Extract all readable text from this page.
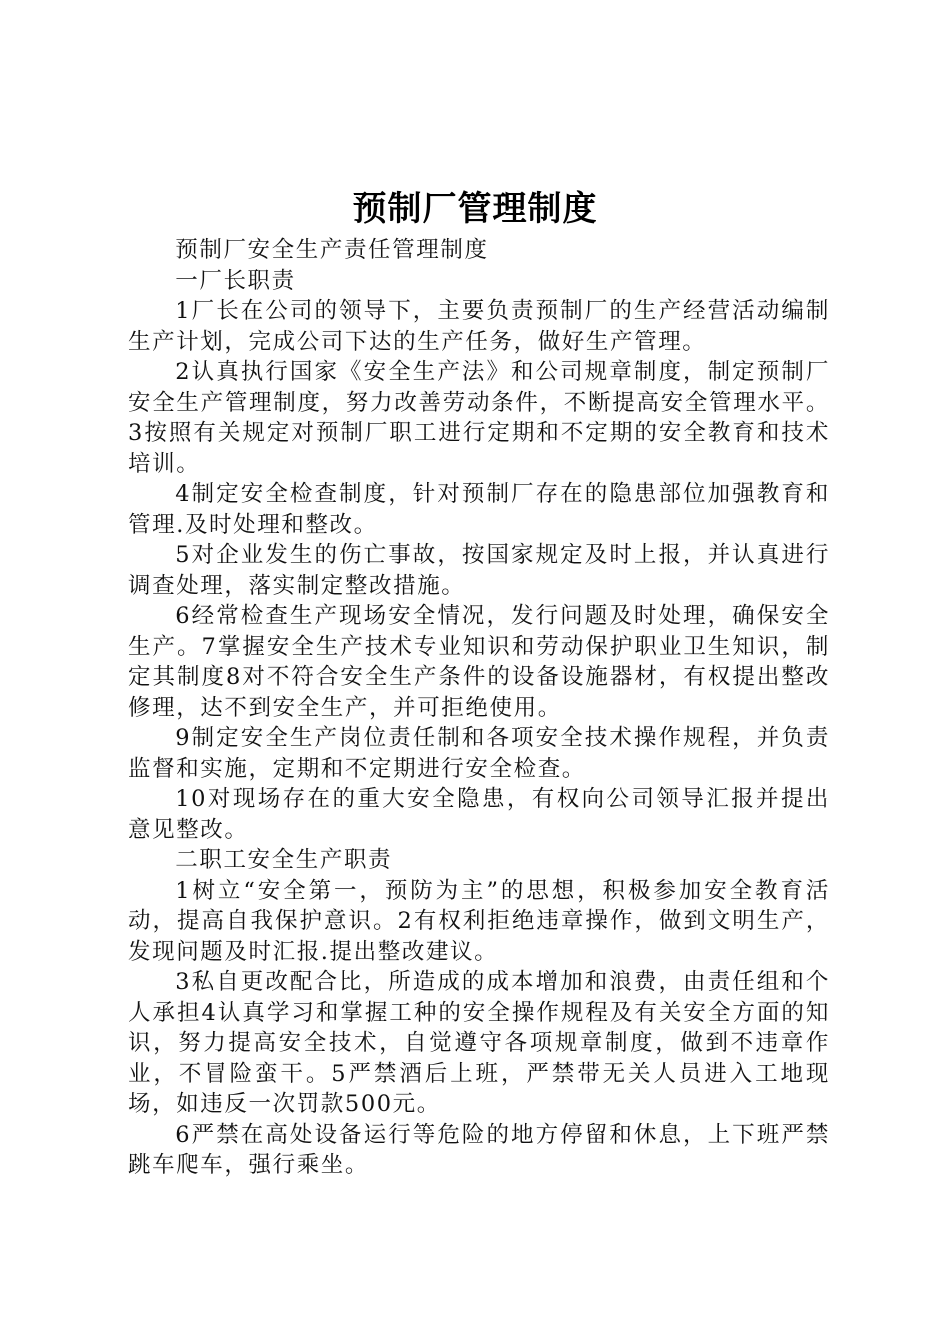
预制厂管理制度

预制厂安全生产责任管理制度

一厂长职责

1厂长在公司的领导下，主要负责预制厂的生产经营活动编制生产计划，完成公司下达的生产任务，做好生产管理。

2认真执行国家《安全生产法》和公司规章制度，制定预制厂安全生产管理制度，努力改善劳动条件，不断提高安全管理水平。3按照有关规定对预制厂职工进行定期和不定期的安全教育和技术培训。

4制定安全检查制度，针对预制厂存在的隐患部位加强教育和管理.及时处理和整改。

5对企业发生的伤亡事故，按国家规定及时上报，并认真进行调查处理，落实制定整改措施。

6经常检查生产现场安全情况，发行问题及时处理，确保安全生产。7掌握安全生产技术专业知识和劳动保护职业卫生知识，制定其制度8对不符合安全生产条件的设备设施器材，有权提出整改修理，达不到安全生产，并可拒绝使用。

9制定安全生产岗位责任制和各项安全技术操作规程，并负责监督和实施，定期和不定期进行安全检查。

10对现场存在的重大安全隐患，有权向公司领导汇报并提出意见整改。

二职工安全生产职责

1树立“安全第一，预防为主”的思想，积极参加安全教育活动，提高自我保护意识。2有权利拒绝违章操作，做到文明生产，发现问题及时汇报.提出整改建议。

3私自更改配合比，所造成的成本增加和浪费，由责任组和个人承担4认真学习和掌握工种的安全操作规程及有关安全方面的知识，努力提高安全技术，自觉遵守各项规章制度，做到不违章作业，不冒险蛮干。5严禁酒后上班，严禁带无关人员进入工地现场，如违反一次罚款500元。

6严禁在高处设备运行等危险的地方停留和休息，上下班严禁跳车爬车，强行乘坐。
